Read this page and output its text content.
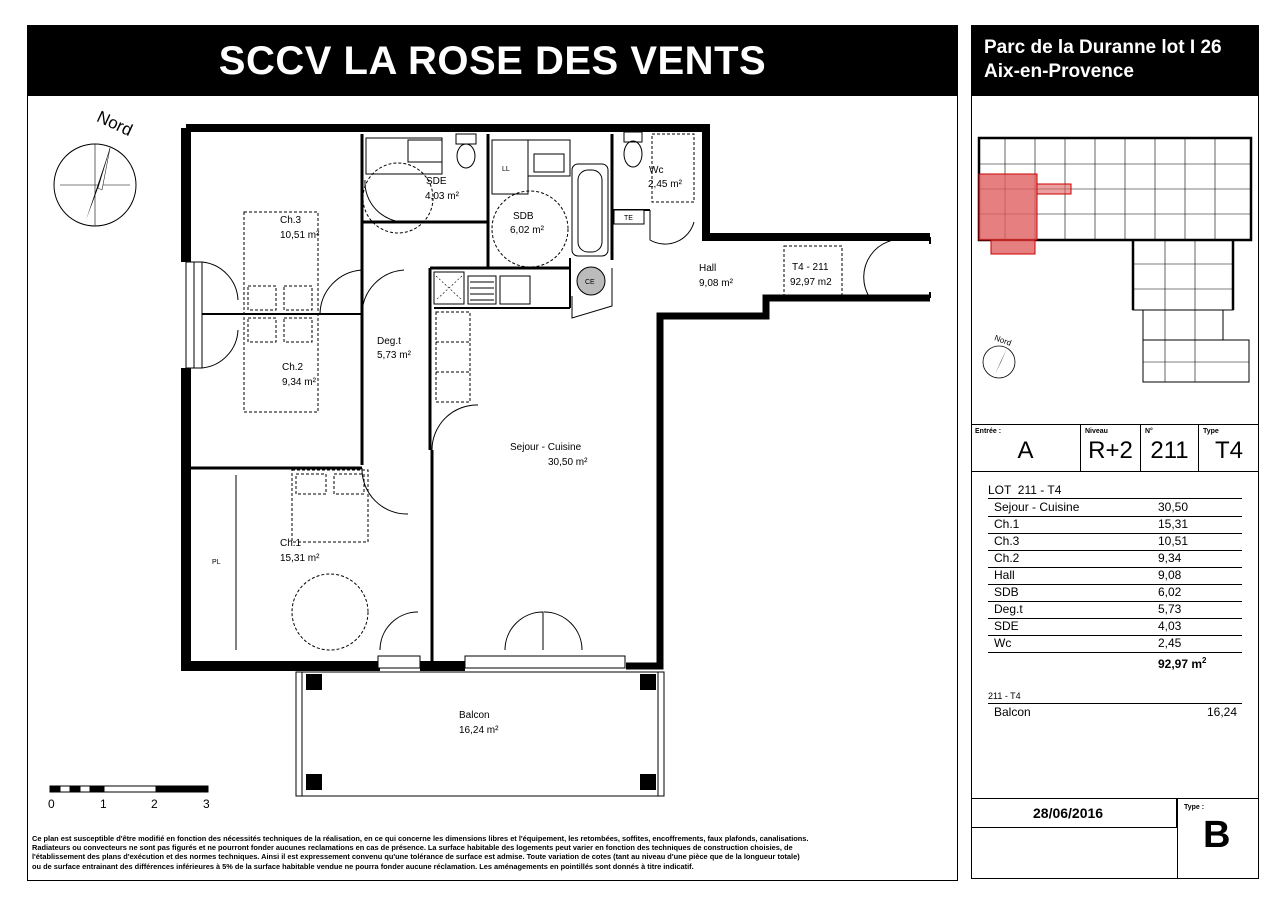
SCCV LA ROSE DES VENTS
Nord
Ch.3
10,51 m²
SDE
4,03 m²
SDB
6,02 m²
Wc
2,45 m²
Hall
9,08 m²
Deg.t
5,73 m²
Ch.2
9,34 m²
Sejour - Cuisine
30,50 m²
Ch.1
15,31 m²
Balcon
16,24 m²
LL
TE
CE
PL
T4 - 211
92,97 m2
0	1	2	3
Ce plan est susceptible d'être modifié en fonction des nécessités techniques de la réalisation, en ce qui concerne les dimensions libres et l'équipement, les retombées, soffites, encoffrements, faux plafonds, canalisations.
Radiateurs ou convecteurs ne sont pas figurés et ne pourront fonder aucunes reclamations en cas de présence. La surface habitable des logements peut varier en fonction des techniques de construction choisies, de
l'établissement des plans d'exécution et des normes techniques. Ainsi il est expressement convenu qu'une tolérance de surface est admise. Toute variation de cotes (tant au niveau d'une pièce que de la longueur totale)
ou de surface entrainant des différences inférieures à 5% de la surface habitable vendue ne pourra fonder aucune réclamation. Les aménagements en pointillés sont donnés à titre indicatif.
Parc de la Duranne lot I 26
Aix-en-Provence
Nord
Entrée :
A
Niveau
R+2
N°
211
Type
T4
LOT  211 - T4
Sejour - Cuisine	30,50
Ch.1	15,31
Ch.3	10,51
Ch.2	9,34
Hall	9,08
SDB	6,02
Deg.t	5,73
SDE	4,03
Wc	2,45
92,97 $m^2$
211 - T4
Balcon	16,24
28/06/2016	Type :
B
